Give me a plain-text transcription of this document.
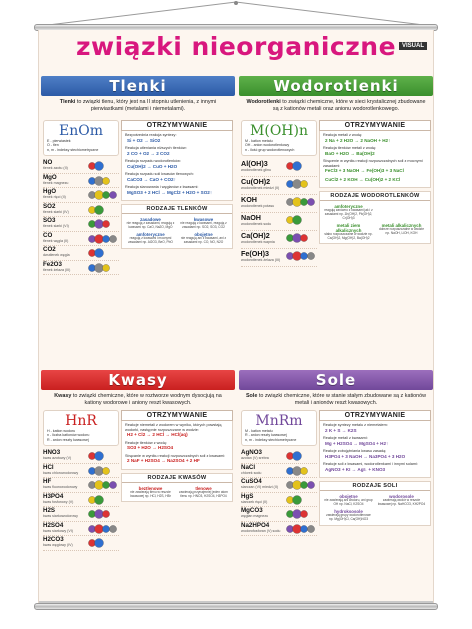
związki nieorganiczne VISUAL
Tlenki
Tlenki to związki tlenu, który jest na II stopniu utlenienia, z innymi pierwiastkami (metalami i niemetalami).
EnOm
E - pierwiastek
O - tlen
n, m - indeksy stechiometryczne
NO
tlenek azotu (II)
MgO
tlenek magnezu
HgO
tlenek rtęci (II)
SO2
tlenek siarki (IV)
SO3
tlenek siarki (VI)
CO
tlenek węgla (II)
CO2
dwutlenek węgla
Fe2O3
tlenek żelaza (III)
OTRZYMYWANIE
Bezpośrednia reakcja syntezy:
Si + O2 → SiO2
Reakcja utleniania niższych tlenków:
2 CO + O2 → 2 CO2
Reakcja rozpadu wodorotlenków:
Cu(OH)2 → CuO + H2O
Reakcja rozpadu soli kwasów tlenowych:
CaCO3 → CaO + CO2↑
Reakcja sianowania i węglanów z kwasami:
MgSO3 + 2 HCl → MgCl2 + H2O + SO2↑
RODZAJE TLENKÓW
zasadowe
nie reagują z zasadami, reagują z kwasami np. CaO, Na2O, MgO
kwasowe
nie reagują z kwasami, reagują z zasadami np. SO2, SO3, CO2
amfoteryczne
reagują z kwasami i mocnymi zasadami np. Al2O3, BeO, PbO
obojętne
nie reagują ani z kwasami, ani z zasadami np. CO, NO, N2O
Wodorotlenki
Wodorotlenki to związki chemiczne, które w sieci krystalicznej zbudowane są z kationów metali oraz anionu wodorotlenkowego.
M(OH)n
M - kation metalu
OH - anion wodorotlenkowy
n - ilość grup wodorotlenowych
Al(OH)3
wodorotlenek glinu
Cu(OH)2
wodorotlenek miedzi (II)
KOH
wodorotlenek potasu
NaOH
wodorotlenek sodu
Ca(OH)2
wodorotlenek wapnia
Fe(OH)3
wodorotlenek żelaza (III)
OTRZYMYWANIE
Reakcja metali z wodą:
2 Na + 2 H2O → 2 NaOH + H2↑
Reakcja tlenków metali z wodą:
BaO + H2O → Ba(OH)2
Strącenie w wyniku reakcji rozpuszczalnych soli z mocnymi zasadami:
FeCl3 + 3 NaOH → Fe(OH)3 + 3 NaCl
CuCl2 + 2 KOH → Cu(OH)2 + 2 KCl
RODZAJE WODOROTLENKÓW
amfoteryczne
reagują zarówno z kwasami jak i z zasadami np. Zn(OH)2, Pb(OH)2, Cr(OH)3
metali ziem alkalicznych
słabo rozpuszczalne w wodzie np. Ca(OH)2, Mg(OH)2, Ba(OH)2
metali alkalicznych
dobrze rozpuszczalne w wodzie np. NaOH, LiOH, KOH
Kwasy
Kwasy to związki chemiczne, które w roztworze wodnym dysocjują na kationy wodorowe i aniony reszt kwasowych.
HnR
H - kation wodoru
n - liczba kationów wodoru
R - anion reszty kwasowej
HNO3
kwas azotowy (V)
HCl
kwas chlorowodorowy
HF
kwas fluorowodorowy
H3PO4
kwas fosforowy (V)
H2S
kwas siarkowodorowy
H2SO4
kwas siarkowy (VI)
H2CO3
kwas węglowy (IV)
OTRZYMYWANIE
Reakcje niemetali z wodorem w wyniku, których powstają wodorki, następnie rozpuszczane w wodzie:
H2 + Cl2 → 2 HCl → HCl(aq)
Reakcje tlenków z wodą:
SO3 + H2O → H2SO4
Strącanie w wyniku reakcji rozpuszczalnych soli z kwasami:
2 NaF + H2SO4 → Na2SO4 + 2 HF
RODZAJE KWASÓW
beztlenowe
nie zawierają tlenu w reszcie kwasowej np. HCl, H2S, HBr
tlenowe
zawierają przynajmniej jeden atom tlenu np. HNO3, H2SO4, H3PO4
Sole
Sole to związki chemiczne, które w stanie stałym zbudowane są z kationów metali i anionów reszt kwasowych.
MnRm
M - kation metalu
R - anion reszty kwasowej
n, m - indeksy stechiometryczne
AgNO3
azotan (V) srebra
NaCl
chlorek sodu
CuSO4
siarczan (VI) miedzi (II)
HgS
siarczek rtęci (II)
MgCO3
węglan magnezu
Na2HPO4
wodorofosforan (V) sodu
OTRZYMYWANIE
Reakcje syntezy metalu z niemetalem:
2 K + S → K2S
Reakcje metali z kwasami:
Mg + H2SO4 → MgSO4 + H2↑
Reakcje zobojętniania kwasu zasadą:
H3PO4 + 3 NaOH → Na3PO4 + 3 H2O
Reakcje soli z kwasami, wodorotlenkami i innymi solami:
AgNO3 + KI → AgI↓ + KNO3
RODZAJE SOLI
obojętne
nie zawierają ani wodoru, ani grup OH np. NaCl, K2SO4
wodorosole
zawierają wodór w reszcie kwasowej np. NaHCO3, KH2PO4
hydroksosole
zawierają grupy wodorotlenowe np. Mg(OH)Cl, Ca(OH)NO3
